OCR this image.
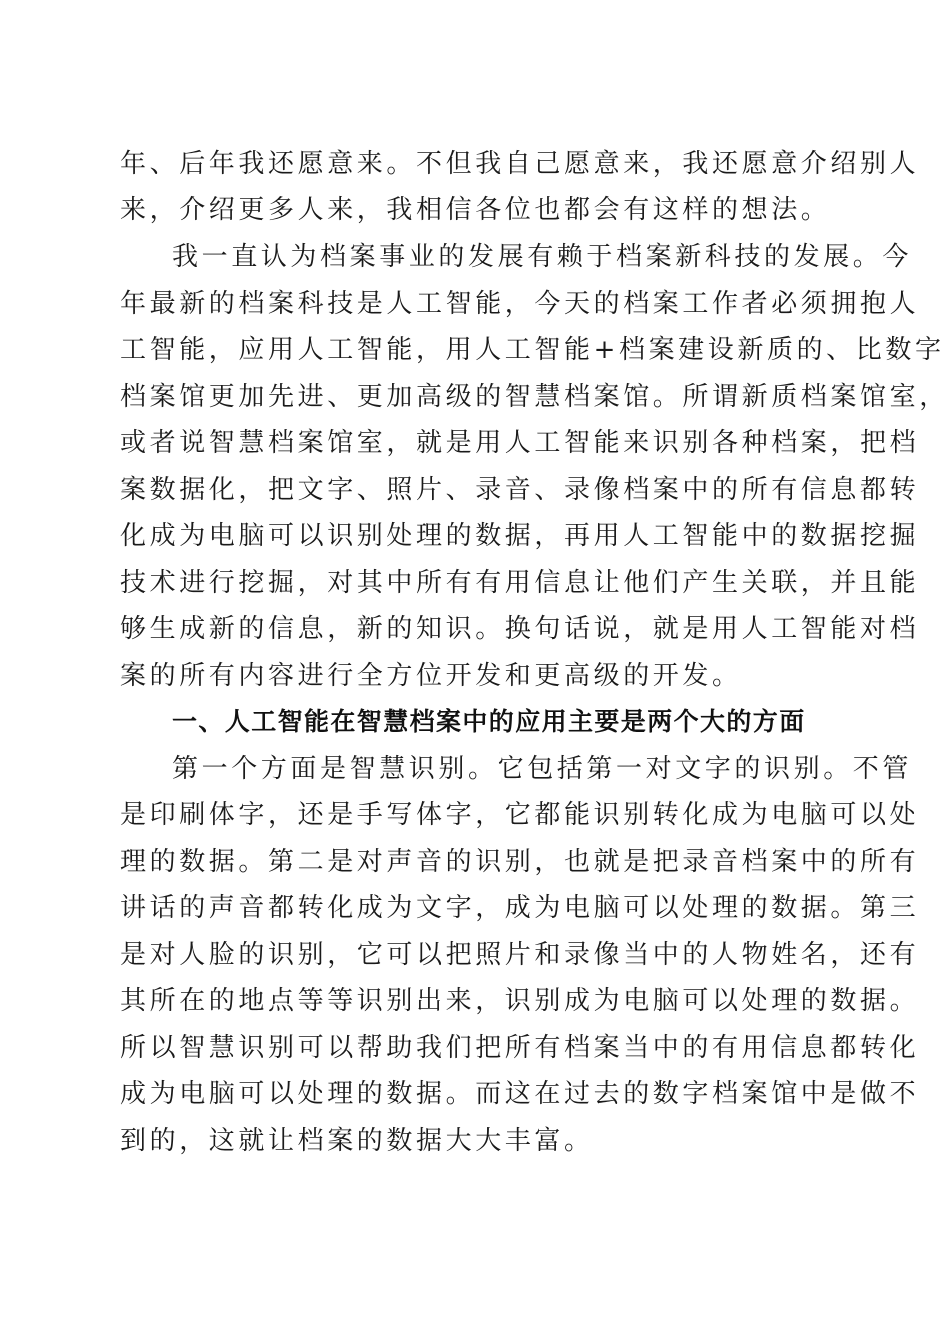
年、后年我还愿意来。不但我自己愿意来，我还愿意介绍别人

来，介绍更多人来，我相信各位也都会有这样的想法。

我一直认为档案事业的发展有赖于档案新科技的发展。今

年最新的档案科技是人工智能，今天的档案工作者必须拥抱人

工智能，应用人工智能，用人工智能+档案建设新质的、比数字

档案馆更加先进、更加高级的智慧档案馆。所谓新质档案馆室，

或者说智慧档案馆室，就是用人工智能来识别各种档案，把档

案数据化，把文字、照片、录音、录像档案中的所有信息都转

化成为电脑可以识别处理的数据，再用人工智能中的数据挖掘

技术进行挖掘，对其中所有有用信息让他们产生关联，并且能

够生成新的信息，新的知识。换句话说，就是用人工智能对档

案的所有内容进行全方位开发和更高级的开发。

一、人工智能在智慧档案中的应用主要是两个大的方面

第一个方面是智慧识别。它包括第一对文字的识别。不管

是印刷体字，还是手写体字，它都能识别转化成为电脑可以处

理的数据。第二是对声音的识别，也就是把录音档案中的所有

讲话的声音都转化成为文字，成为电脑可以处理的数据。第三

是对人脸的识别，它可以把照片和录像当中的人物姓名，还有

其所在的地点等等识别出来，识别成为电脑可以处理的数据。

所以智慧识别可以帮助我们把所有档案当中的有用信息都转化

成为电脑可以处理的数据。而这在过去的数字档案馆中是做不

到的，这就让档案的数据大大丰富。
